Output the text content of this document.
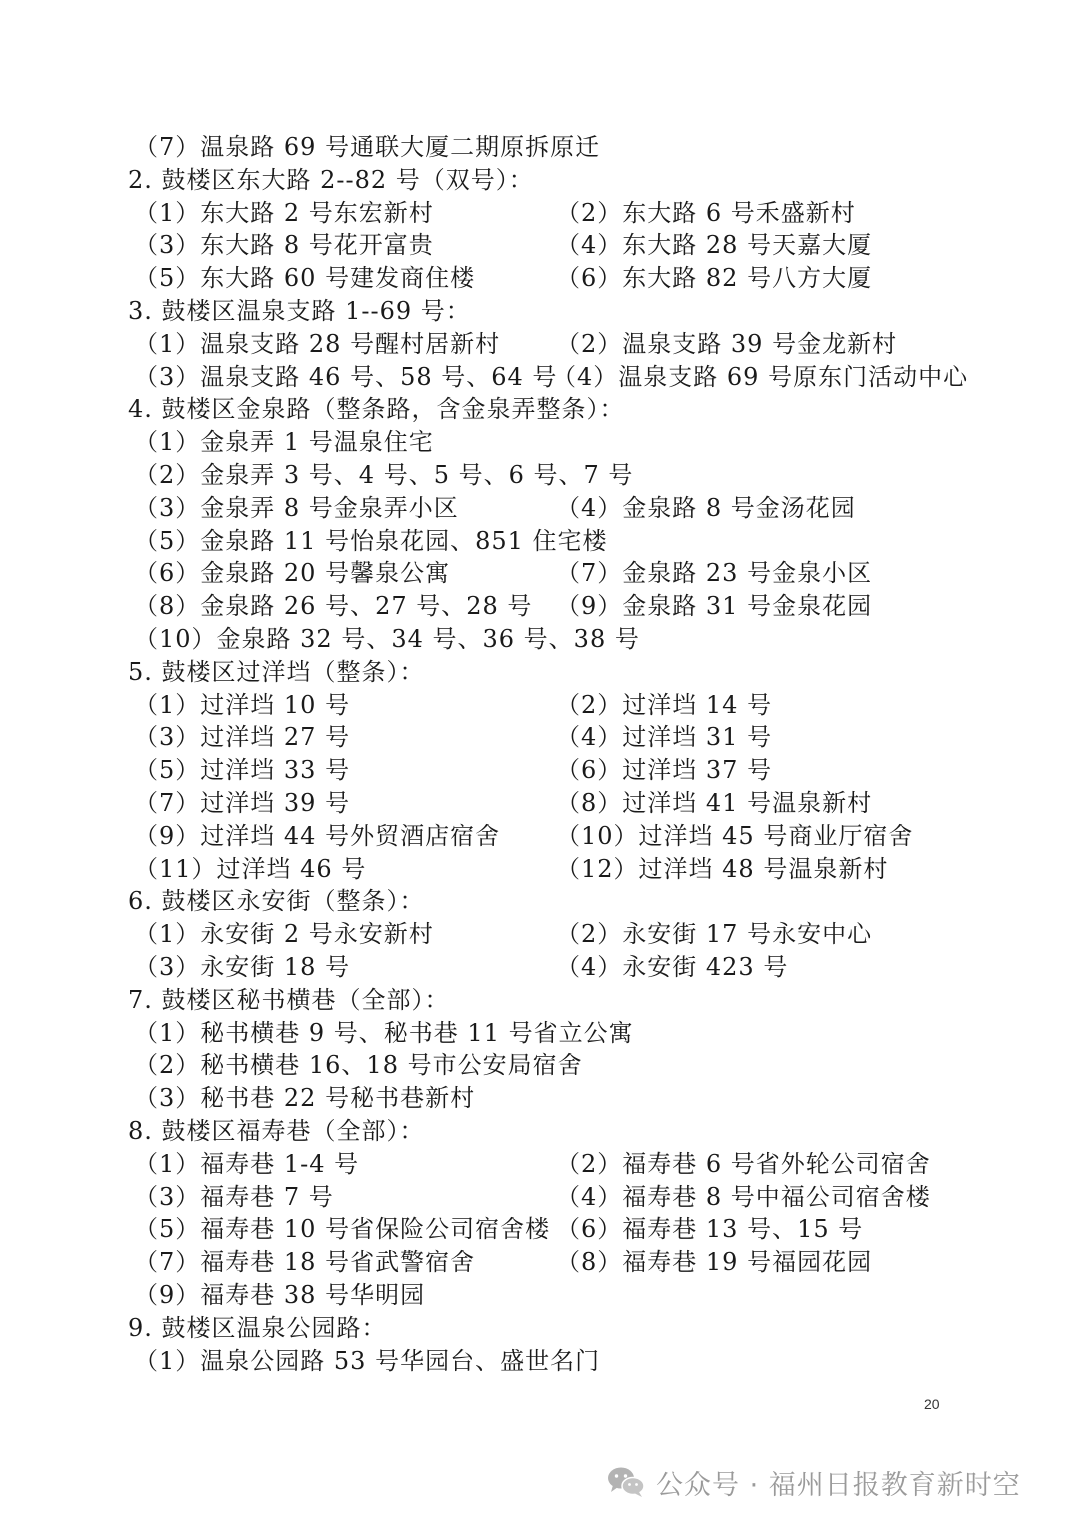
（7）温泉路 69 号通联大厦二期原拆原迁
2. 鼓楼区东大路 2--82 号（双号）：
（1）东大路 2 号东宏新村	（2）东大路 6 号禾盛新村
（3）东大路 8 号花开富贵	（4）东大路 28 号天嘉大厦
（5）东大路 60 号建发商住楼	（6）东大路 82 号八方大厦
3. 鼓楼区温泉支路 1--69 号：
（1）温泉支路 28 号醒村居新村 （2）温泉支路 39 号金龙新村
（3）温泉支路 46 号、58 号、64 号
（4）温泉支路 69 号原东门活动中心
4. 鼓楼区金泉路（整条路，含金泉弄整条）：
（1）金泉弄 1 号温泉住宅
（2）金泉弄 3 号、4 号、5 号、6 号、7 号
（3）金泉弄 8 号金泉弄小区	（4）金泉路 8 号金汤花园
（5）金泉路 11 号怡泉花园、851 住宅楼
（6）金泉路 20 号馨泉公寓	（7）金泉路 23 号金泉小区
（8）金泉路 26 号、27 号、28 号 （9）金泉路 31 号金泉花园
（10）金泉路 32 号、34 号、36 号、38 号
5. 鼓楼区过洋垱（整条）：
（1）过洋垱 10 号	（2）过洋垱 14 号
（3）过洋垱 27 号	（4）过洋垱 31 号
（5）过洋垱 33 号	（6）过洋垱 37 号
（7）过洋垱 39 号	（8）过洋垱 41 号温泉新村
（9）过洋垱 44 号外贸酒店宿舍 （10）过洋垱 45 号商业厅宿舍
（11）过洋垱 46 号	（12）过洋垱 48 号温泉新村
6. 鼓楼区永安街（整条）：
（1）永安街 2 号永安新村	（2）永安街 17 号永安中心
（3）永安街 18 号	（4）永安街 423 号
7. 鼓楼区秘书横巷（全部）：
（1）秘书横巷 9 号、秘书巷 11 号省立公寓
（2）秘书横巷 16、18 号市公安局宿舍
（3）秘书巷 22 号秘书巷新村
8. 鼓楼区福寿巷（全部）：
（1）福寿巷 1-4 号	（2）福寿巷 6 号省外轮公司宿舍
（3）福寿巷 7 号	（4）福寿巷 8 号中福公司宿舍楼
（5）福寿巷 10 号省保险公司宿舍楼 （6）福寿巷 13 号、15 号
（7）福寿巷 18 号省武警宿舍	（8）福寿巷 19 号福园花园
（9）福寿巷 38 号华明园
9. 鼓楼区温泉公园路：
（1）温泉公园路 53 号华园台、盛世名门
20
公众号 · 福州日报教育新时空
